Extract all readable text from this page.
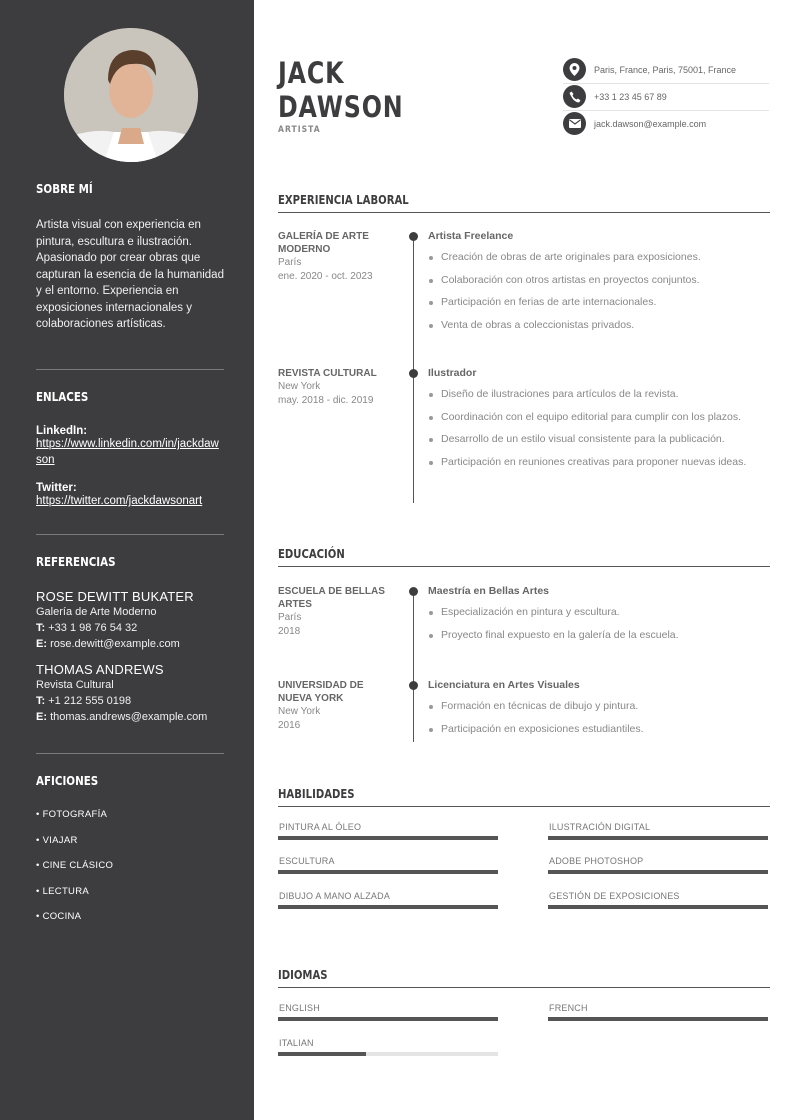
SOBRE MÍ
Artista visual con experiencia en pintura, escultura e ilustración. Apasionado por crear obras que capturan la esencia de la humanidad y el entorno. Experiencia en exposiciones internacionales y colaboraciones artísticas.
ENLACES
LinkedIn:
https://www.linkedin.com/in/jackdawson
Twitter:
https://twitter.com/jackdawsonart
REFERENCIAS
ROSE DEWITT BUKATER
Galería de Arte Moderno
T: +33 1 98 76 54 32
E: rose.dewitt@example.com
THOMAS ANDREWS
Revista Cultural
T: +1 212 555 0198
E: thomas.andrews@example.com
AFICIONES
• FOTOGRAFÍA
• VIAJAR
• CINE CLÁSICO
• LECTURA
• COCINA
JACK
DAWSON
ARTISTA
Paris, France, Paris, 75001, France
+33 1 23 45 67 89
jack.dawson@example.com
EXPERIENCIA LABORAL
GALERÍA DE ARTE MODERNO
París
ene. 2020 - oct. 2023
Artista Freelance
Creación de obras de arte originales para exposiciones.
Colaboración con otros artistas en proyectos conjuntos.
Participación en ferias de arte internacionales.
Venta de obras a coleccionistas privados.
REVISTA CULTURAL
New York
may. 2018 - dic. 2019
Ilustrador
Diseño de ilustraciones para artículos de la revista.
Coordinación con el equipo editorial para cumplir con los plazos.
Desarrollo de un estilo visual consistente para la publicación.
Participación en reuniones creativas para proponer nuevas ideas.
EDUCACIÓN
ESCUELA DE BELLAS ARTES
París
2018
Maestría en Bellas Artes
Especialización en pintura y escultura.
Proyecto final expuesto en la galería de la escuela.
UNIVERSIDAD DE NUEVA YORK
New York
2016
Licenciatura en Artes Visuales
Formación en técnicas de dibujo y pintura.
Participación en exposiciones estudiantiles.
HABILIDADES
PINTURA AL ÓLEO	ILUSTRACIÓN DIGITAL
ESCULTURA	ADOBE PHOTOSHOP
DIBUJO A MANO ALZADA	GESTIÓN DE EXPOSICIONES
IDIOMAS
ENGLISH	FRENCH
ITALIAN
